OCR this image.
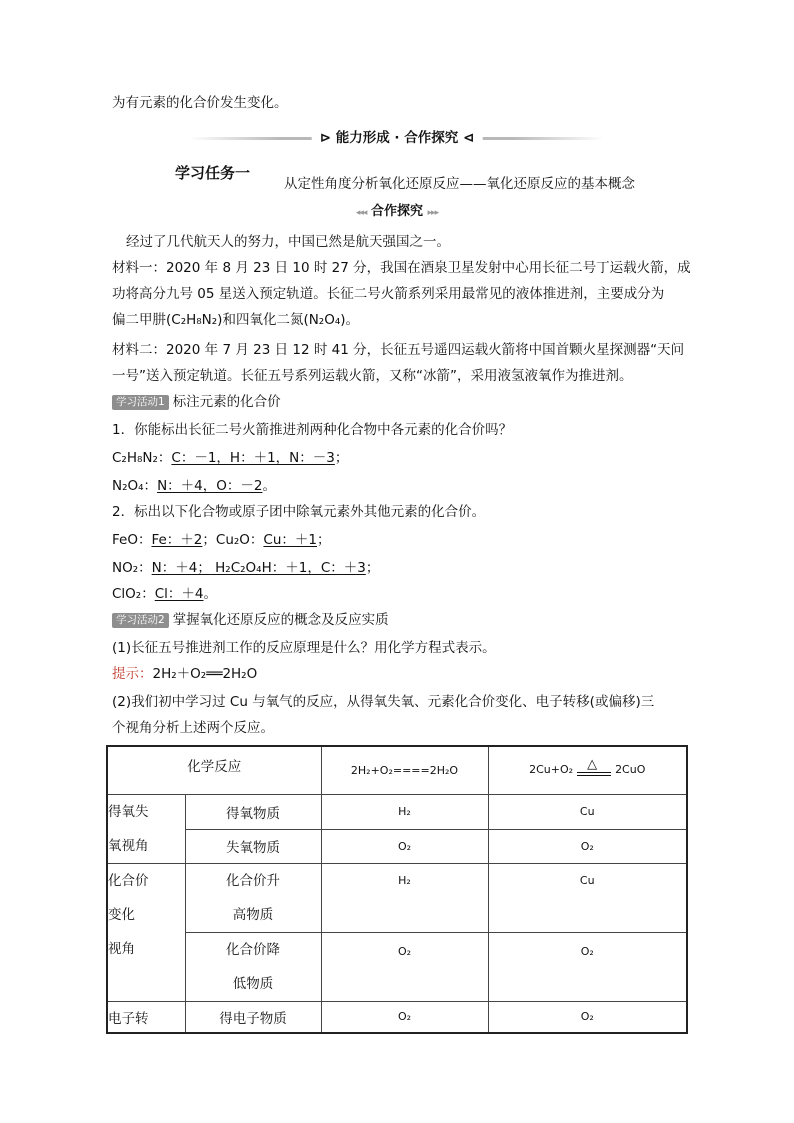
为有元素的化合价发生变化。
⊳ 能力形成 · 合作探究 ⊲
学习任务一
从定性角度分析氧化还原反应——氧化还原反应的基本概念
◂◂◂ 合作探究 ▸▸▸
经过了几代航天人的努力，中国已然是航天强国之一。
材料一：2020 年 8 月 23 日 10 时 27 分，我国在酒泉卫星发射中心用长征二号丁运载火箭，成
功将高分九号 05 星送入预定轨道。长征二号火箭系列采用最常见的液体推进剂，主要成分为
偏二甲肼(C₂H₈N₂)和四氧化二氮(N₂O₄)。
材料二：2020 年 7 月 23 日 12 时 41 分，长征五号遥四运载火箭将中国首颗火星探测器“天问
一号”送入预定轨道。长征五号系列运载火箭，又称“冰箭”，采用液氢液氧作为推进剂。
学习活动1 标注元素的化合价
1．你能标出长征二号火箭推进剂两种化合物中各元素的化合价吗？
C₂H₈N₂：C：－1，H：＋1，N：－3；
N₂O₄：N：＋4，O：－2。
2．标出以下化合物或原子团中除氧元素外其他元素的化合价。
FeO：Fe：＋2；Cu₂O：Cu：＋1；
NO₂：N：＋4； H₂C₂O₄H：＋1，C：＋3；
ClO₂：Cl：＋4。
学习活动2 掌握氧化还原反应的概念及反应实质
(1)长征五号推进剂工作的反应原理是什么？用化学方程式表示。
提示：2H₂＋O₂══2H₂O
(2)我们初中学习过 Cu 与氧气的反应，从得氧失氧、元素化合价变化、电子转移(或偏移)三
个视角分析上述两个反应。
化学反应		2H₂+O₂====2H₂O	2Cu+O₂ △ 2CuO
得氧失
氧视角	得氧物质	H₂	Cu
	失氧物质	O₂	O₂
化合价
变化
视角	化合价升
高物质	H₂	Cu
	化合价降
低物质	O₂	O₂
电子转	得电子物质	O₂	O₂
